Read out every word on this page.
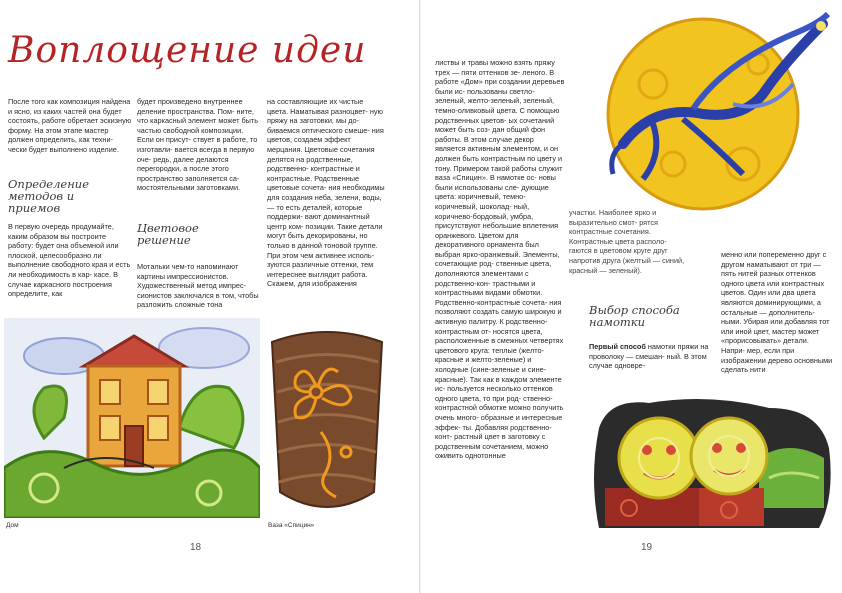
Воплощение идеи

После того как композиция найдена и ясно, из каких частей она будет состоять, работе обретает эскизную форму. На этом этапе мастер должен определить, как техни- чески будет выполнено изделие.

Определение методов и приемов

В первую очередь продумайте, каким образом вы построите работу: будет она объемной или плоской, целесообразно ли выполнение свободного края и есть ли необходимость в кар- касе. В случае каркасного построения определите, как

будет произведено внутреннее деление пространства. Пом- ните, что каркасный элемент может быть частью свободной композиции. Если он присут- ствует в работе, то изготавли- вается всегда в первую оче- редь, далее делаются перегородки, а после этого пространство заполняется са- мостоятельными заготовками.

Цветовое решение

Мотальки чем-то напоминают картины импрессионистов. Художественный метод импрес- сионистов заключался в том, чтобы разложить сложные тона

на составляющие их чистые цвета. Наматывая разноцвет- ную пряжу на заготовки, мы до- биваемся оптического смеше- ния цветов, создаем эффект мерцания. Цветовые сочетания делятся на родственные, родственно- контрастные и контрастные. Родственные цветовые сочета- ния необходимы для создания неба, зелени, воды, — то есть деталей, которые поддержи- вают доминантный центр ком- позиции. Такие детали могут быть декорированы, но только в данной тоновой группе. При этом чем активнее исполь- зуются различные оттенки, тем интереснее выглядит работа. Скажем, для изображения

Дом	Ваза «Спицин»
18

листвы и травы можно взять пряжу трех — пяти оттенков зе- леного. В работе «Дом» при создании деревьев были ис- пользованы светло-зеленый, желто-зеленый, зеленый, темно-оливковый цвета. С помощью родственных цветов- ых сочетаний может быть соз- дан общий фон работы. В этом случае декор является активным элементом, и он должен быть контрастным по цвету и тону. Примером такой работы служит ваза «Спицин». В намотке ос- новы были использованы сле- дующие цвета: коричневый, темно-коричневый, шоколад- ный, коричнево-бордовый, умбра, присутствуют небольшие вплетения оранжевого. Цветом для декоративного орнамента был выбран ярко-оранжевый. Элементы, сочетающие род- ственные цвета, дополняются элементами с родственно-кон- трастными и контрастными видами обмотки. Родственно-контрастные сочета- ния позволяют создать самую широкую и активную палитру. К родственно-контрастным от- носятся цвета, расположенные в смежных четвертях цветового круга: теплые (желто-красные и желто-зеленые) и холодные (сине-зеленые и сине-красные). Так как в каждом элементе ис- пользуется несколько оттенков одного цвета, то при род- ственно-контрастной обмотке можно получить очень много- образные и интересные эффек- ты. Добавляя родственно-конт- растный цвет в заготовку с родственным сочетанием, можно оживить однотонные

участки. Наиболее ярко и выразительно смот- рятся контрастные сочетания. Контрастные цвета располо- гаются в цветовом круге друг напротив друга (желтый — синий, красный — зеленый).

менно или попеременно друг с другом наматывают от три — пять нитей разных оттенков одного цвета или контрастных цветов. Один или два цвета являются доминирующими, а остальные — дополнитель- ными. Убирая или добавляя тот или иной цвет, мастер может «прорисовывать» детали. Напри- мер, если при изображении дерево основными сделать нити

Выбор способа намотки

Первый способ намотки пряжи на проволоку — смешан- ный. В этом случае одновре-

19
